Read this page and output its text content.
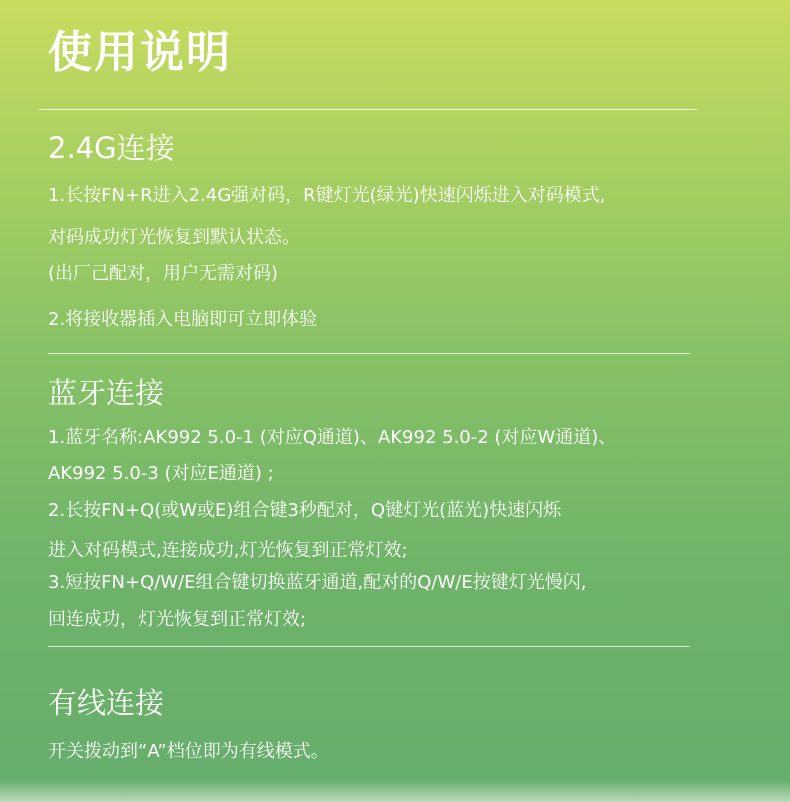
使用说明
2.4G连接

1.长按FN+R进入2.4G强对码，R键灯光(绿光)快速闪烁进入对码模式,

对码成功灯光恢复到默认状态。

(出厂己配对，用户无需对码)

2.将接收器插入电脑即可立即体验

蓝牙连接

1.蓝牙名称:AK992 5.0-1 (对应Q通道)、AK992 5.0-2 (对应W通道)、

AK992 5.0-3 (对应E通道) ;

2.长按FN+Q(或W或E)组合键3秒配对，Q键灯光(蓝光)快速闪烁

进入对码模式,连接成功,灯光恢复到正常灯效;

3.短按FN+Q/W/E组合键切换蓝牙通道,配对的Q/W/E按键灯光慢闪,

回连成功，灯光恢复到正常灯效;

有线连接

开关拨动到“A”档位即为有线模式。
